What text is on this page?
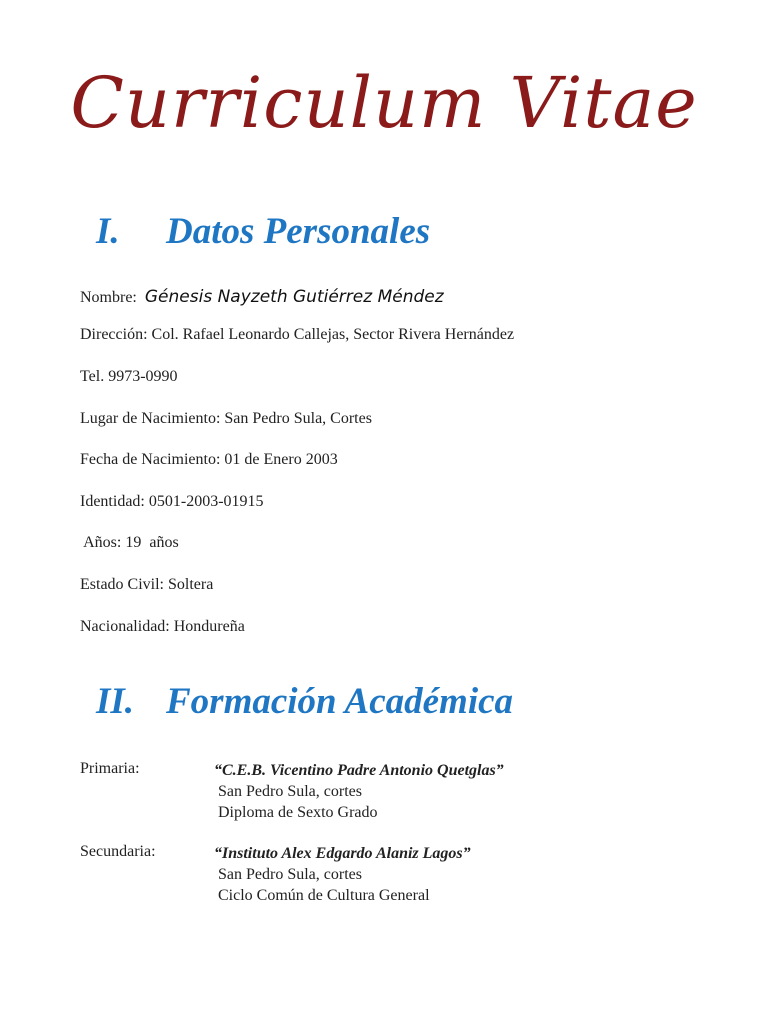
Curriculum Vitae
I. Datos Personales
Nombre: Génesis Nayzeth Gutiérrez Méndez
Dirección: Col. Rafael Leonardo Callejas, Sector Rivera Hernández
Tel. 9973-0990
Lugar de Nacimiento: San Pedro Sula, Cortes
Fecha de Nacimiento: 01 de Enero 2003
Identidad: 0501-2003-01915
Años: 19  años
Estado Civil: Soltera
Nacionalidad: Hondureña
II. Formación Académica
Primaria:	“C.E.B. Vicentino Padre Antonio Quetglas”
San Pedro Sula, cortes
Diploma de Sexto Grado
Secundaria:	“Instituto Alex Edgardo Alaniz Lagos”
San Pedro Sula, cortes
Ciclo Común de Cultura General
